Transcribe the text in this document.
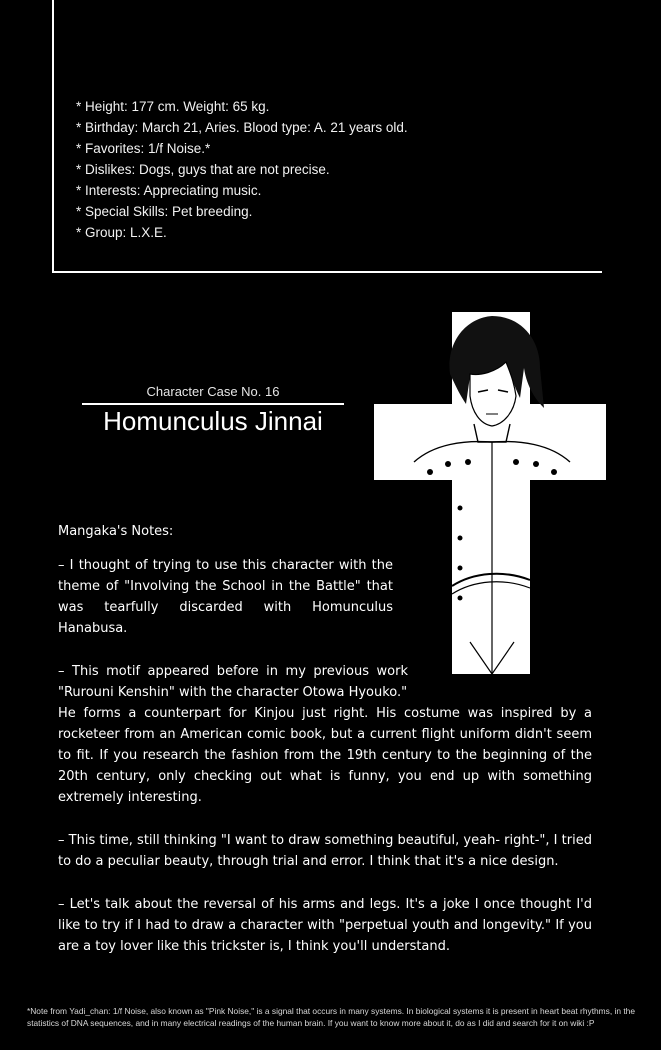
* Height: 177 cm. Weight: 65 kg.
* Birthday: March 21, Aries. Blood type: A. 21 years old.
* Favorites: 1/f Noise.*
* Dislikes: Dogs, guys that are not precise.
* Interests: Appreciating music.
* Special Skills: Pet breeding.
* Group: L.X.E.
Character Case No. 16
Homunculus Jinnai
Mangaka's Notes:

– I thought of trying to use this character with the theme of "Involving the School in the Battle" that was tearfully discarded with Homunculus Hanabusa.

– This motif appeared before in my previous work "Rurouni Kenshin" with the character Otowa Hyouko."

He forms a counterpart for Kinjou just right. His costume was inspired by a rocketeer from an American comic book, but a current flight uniform didn't seem to fit. If you research the fashion from the 19th century to the beginning of the 20th century, only checking out what is funny, you end up with something extremely interesting.

– This time, still thinking "I want to draw something beautiful, yeah- right-", I tried to do a peculiar beauty, through trial and error. I think that it's a nice design.

– Let's talk about the reversal of his arms and legs. It's a joke I once thought I'd like to try if I had to draw a character with "perpetual youth and longevity." If you are a toy lover like this trickster is, I think you'll understand.

*Note from Yadi_chan: 1/f Noise, also known as "Pink Noise," is a signal that occurs in many systems. In biological systems it is present in heart beat rhythms, in the statistics of DNA sequences, and in many electrical readings of the human brain. If you want to know more about it, do as I did and search for it on wiki :P
